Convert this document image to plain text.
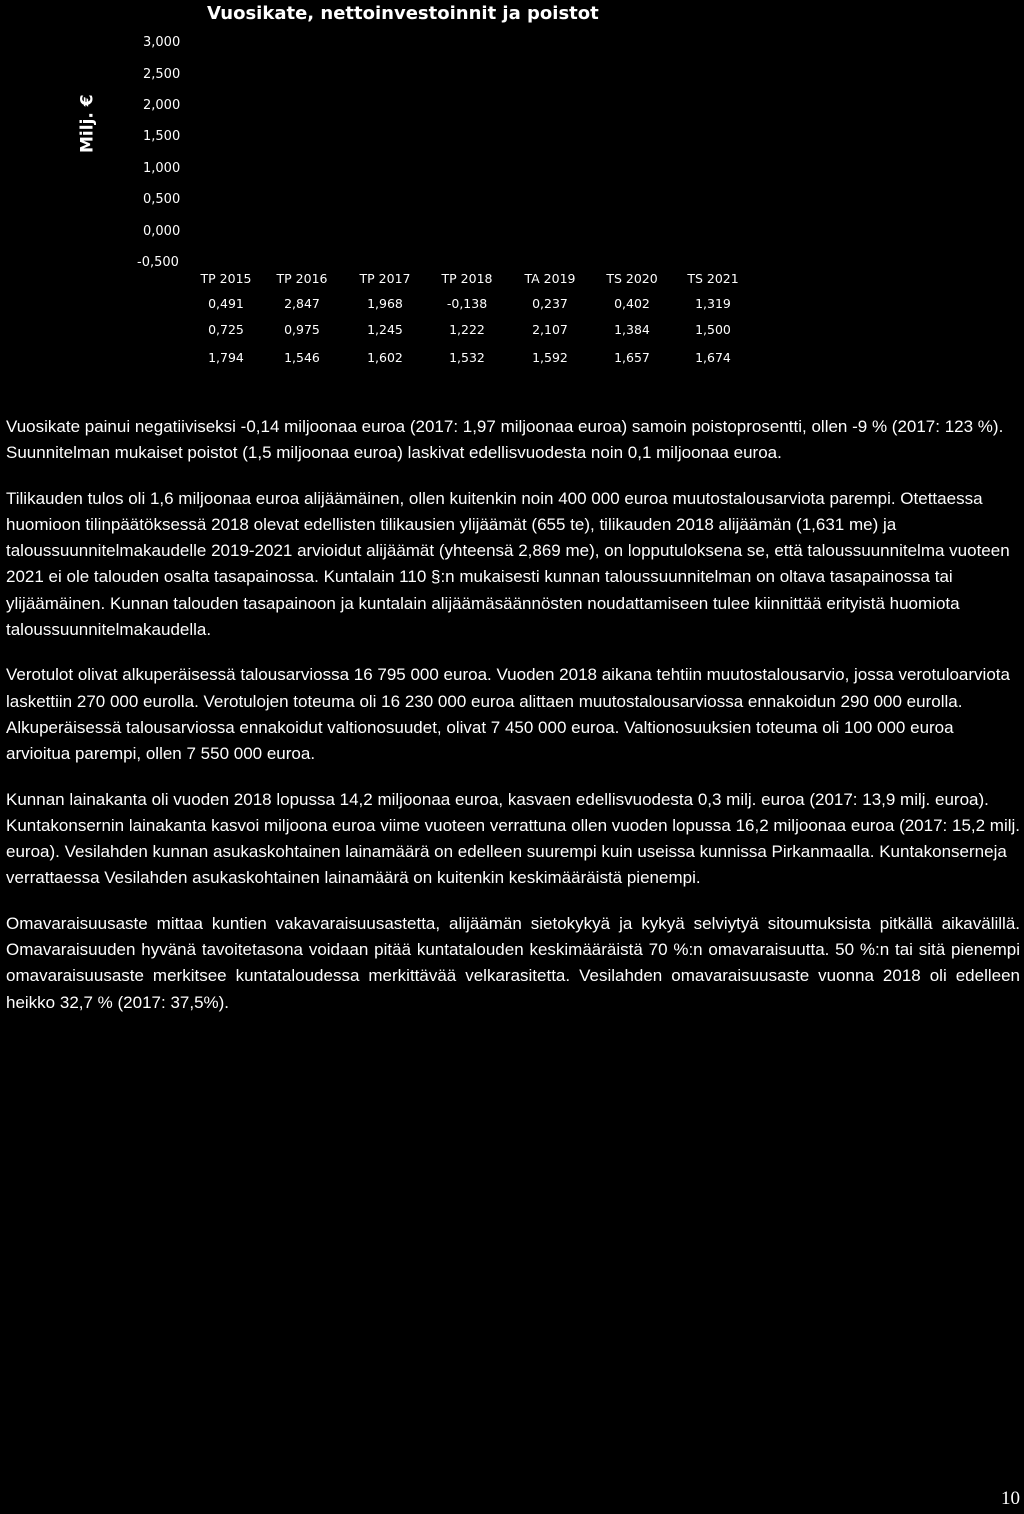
Vuosikate, nettoinvestoinnit ja poistot
Milj. €
3,000
2,500
2,000
1,500
1,000
0,500
0,000
-0,500
TP 2015 TP 2016	TP 2017 TP 2018	TA 2019 TS 2020 TS 2021
0,491	2,847	1,968	-0,138	0,237	0,402	1,319
0,725	0,975	1,245	1,222	2,107	1,384	1,500
1,794	1,546	1,602	1,532	1,592	1,657	1,674

Vuosikate painui negatiiviseksi -0,14 miljoonaa euroa (2017: 1,97 miljoonaa euroa) samoin poistoprosentti, ollen -9 % (2017: 123 %). Suunnitelman mukaiset poistot (1,5 miljoonaa euroa) laskivat edellisvuodesta noin 0,1 miljoonaa euroa.

Tilikauden tulos oli 1,6 miljoonaa euroa alijäämäinen, ollen kuitenkin noin 400 000 euroa muutostalousarviota parempi. Otettaessa huomioon tilinpäätöksessä 2018 olevat edellisten tilikausien ylijäämät (655 te), tilikauden 2018 alijäämän (1,631 me) ja taloussuunnitelmakaudelle 2019-2021 arvioidut alijäämät (yhteensä 2,869 me), on lopputuloksena se, että taloussuunnitelma vuoteen 2021 ei ole talouden osalta tasapainossa. Kuntalain 110 §:n mukaisesti kunnan taloussuunnitelman on oltava tasapainossa tai ylijäämäinen. Kunnan talouden tasapainoon ja kuntalain alijäämäsäännösten noudattamiseen tulee kiinnittää erityistä huomiota taloussuunnitelmakaudella.

Verotulot olivat alkuperäisessä talousarviossa 16 795 000 euroa. Vuoden 2018 aikana tehtiin muutostalousarvio, jossa verotuloarviota laskettiin 270 000 eurolla. Verotulojen toteuma oli 16 230 000 euroa alittaen muutostalousarviossa ennakoidun 290 000 eurolla. Alkuperäisessä talousarviossa ennakoidut valtionosuudet, olivat 7 450 000 euroa. Valtionosuuksien toteuma oli 100 000 euroa arvioitua parempi, ollen 7 550 000 euroa.

Kunnan lainakanta oli vuoden 2018 lopussa 14,2 miljoonaa euroa, kasvaen edellisvuodesta 0,3 milj. euroa (2017: 13,9 milj. euroa). Kuntakonsernin lainakanta kasvoi miljoona euroa viime vuoteen verrattuna ollen vuoden lopussa 16,2 miljoonaa euroa (2017: 15,2 milj. euroa). Vesilahden kunnan asukaskohtainen lainamäärä on edelleen suurempi kuin useissa kunnissa Pirkanmaalla. Kuntakonserneja verrattaessa Vesilahden asukaskohtainen lainamäärä on kuitenkin keskimääräistä pienempi.

Omavaraisuusaste mittaa kuntien vakavaraisuusastetta, alijäämän sietokykyä ja kykyä selviytyä sitoumuksista pitkällä aikavälillä. Omavaraisuuden hyvänä tavoitetasona voidaan pitää kuntatalouden keskimääräistä 70 %:n omavaraisuutta. 50 %:n tai sitä pienempi omavaraisuusaste merkitsee kuntataloudessa merkittävää velkarasitetta. Vesilahden omavaraisuusaste vuonna 2018 oli edelleen heikko 32,7 % (2017: 37,5%).

10
